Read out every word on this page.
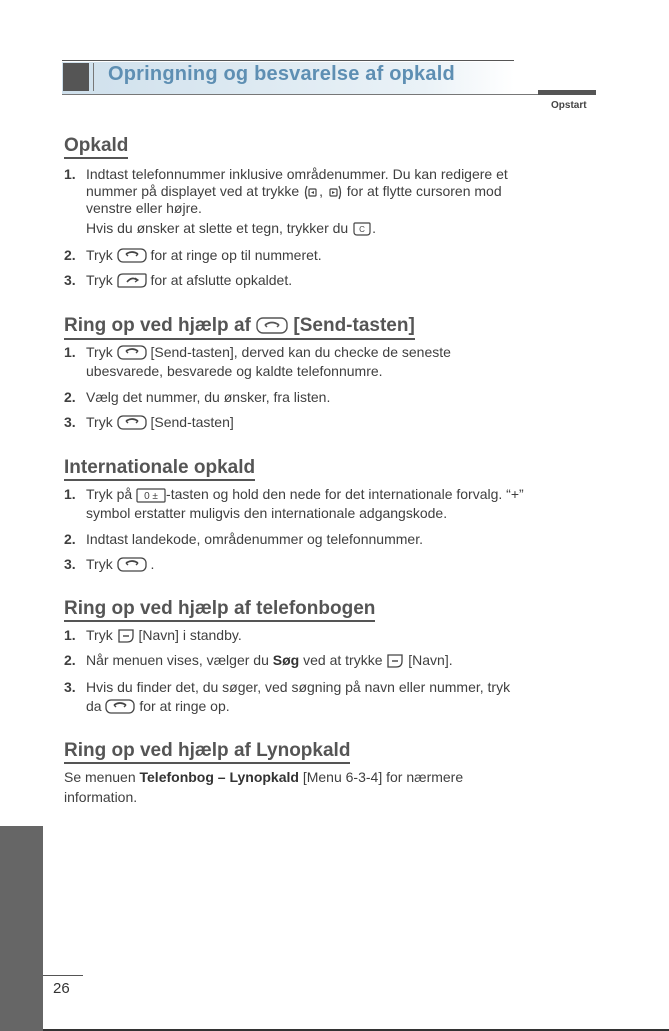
Opringning og besvarelse af opkald
Opstart
Opkald
1. Indtast telefonnummer inklusive områdenummer. Du kan redigere et
nummer på displayet ved at trykke , for at flytte cursoren mod
venstre eller højre.
Hvis du ønsker at slette et tegn, trykker du C .
2. Tryk	for at ringe op til nummeret.
3. Tryk	for at afslutte opkaldet.
Ring op ved hjælp af [Send-tasten]
1. Tryk	[Send-tasten], derved kan du checke de seneste
ubesvarede, besvarede og kaldte telefonnumre.
2. Vælg det nummer, du ønsker, fra listen.
3. Tryk	[Send-tasten]
Internationale opkald
1. Tryk på 0 ± -tasten og hold den nede for det internationale forvalg. “+”
symbol erstatter muligvis den internationale adgangskode.
2. Indtast landekode, områdenummer og telefonnummer.
3. Tryk	.
Ring op ved hjælp af telefonbogen
1. Tryk [Navn] i standby.
2. Når menuen vises, vælger du Søg ved at trykke [Navn].
3. Hvis du finder det, du søger, ved søgning på navn eller nummer, tryk
da	for at ringe op.
Ring op ved hjælp af Lynopkald
Se menuen Telefonbog – Lynopkald [Menu 6-3-4] for nærmere
information.
26
